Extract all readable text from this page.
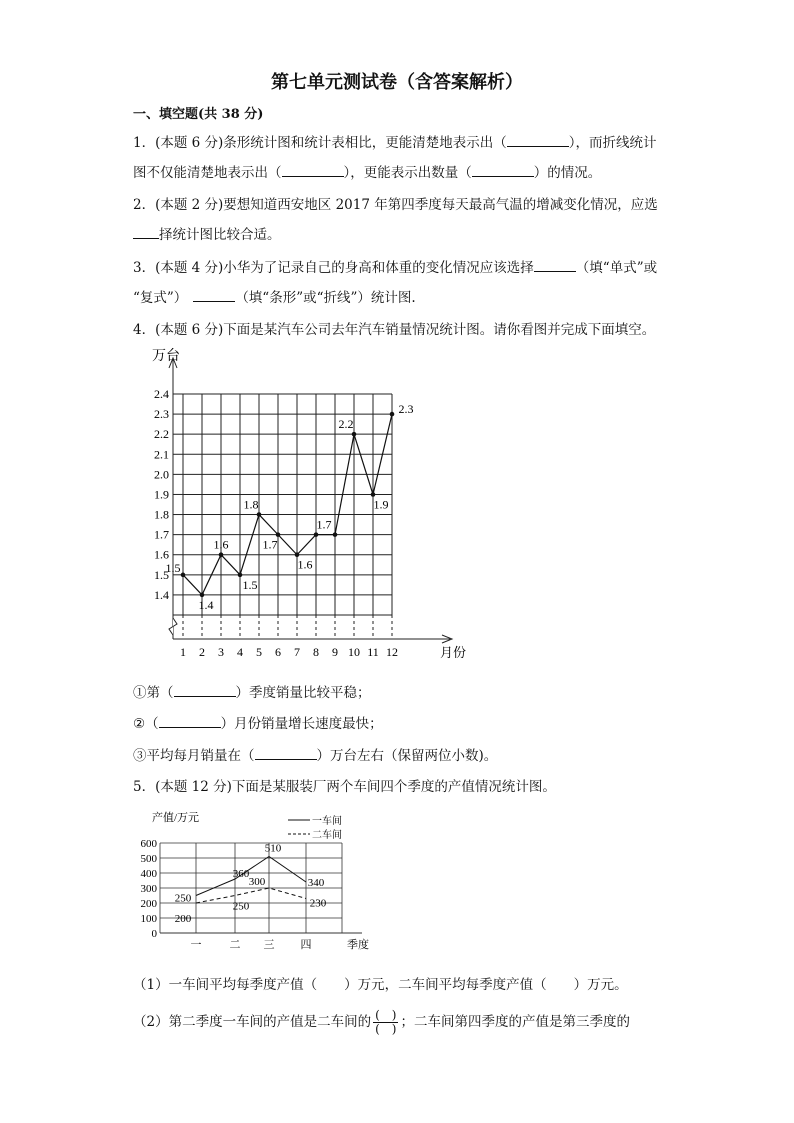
第七单元测试卷（含答案解析）
一、填空题(共 38 分)
1．(本题 6 分)条形统计图和统计表相比，更能清楚地表示出（	），而折线统计
图不仅能清楚地表示出（	），更能表示出数量（	）的情况。
2．(本题 2 分)要想知道西安地区 2017 年第四季度每天最高气温的增减变化情况，应选
择统计图比较合适。
3．(本题 4 分)小华为了记录自己的身高和体重的变化情况应该选择	（填“单式”或
“复式”）	（填“条形”或“折线”）统计图.
4．(本题 6 分)下面是某汽车公司去年汽车销量情况统计图。请你看图并完成下面填空。
1.4
1.5
1.6
1.7
1.8
1.9
2.0
2.1
2.2
2.3
2.4
1 2 3 4 5 6 7 8 9 10 11 12
万台
月份
1.5
1.4
1.6
1.5
1.8
1.7
1.6
1.7
2.2
1.9
2.3
①第（	）季度销量比较平稳；
②（	）月份销量增长速度最快；
③平均每月销量在（	）万台左右（保留两位小数)。
5．(本题 12 分)下面是某服装厂两个车间四个季度的产值情况统计图。
0
100
200
300
400
500
600
一	二 三 四	季度
产值/万元	一车间
二车间
250
360
510
340
200
250
300
230
（1）一车间平均每季度产值（　　）万元，二车间平均每季度产值（　　）万元。
（2）第二季度一车间的产值是二车间的 $\frac{( )}{( )}$ ；二车间第四季度的产值是第三季度的
